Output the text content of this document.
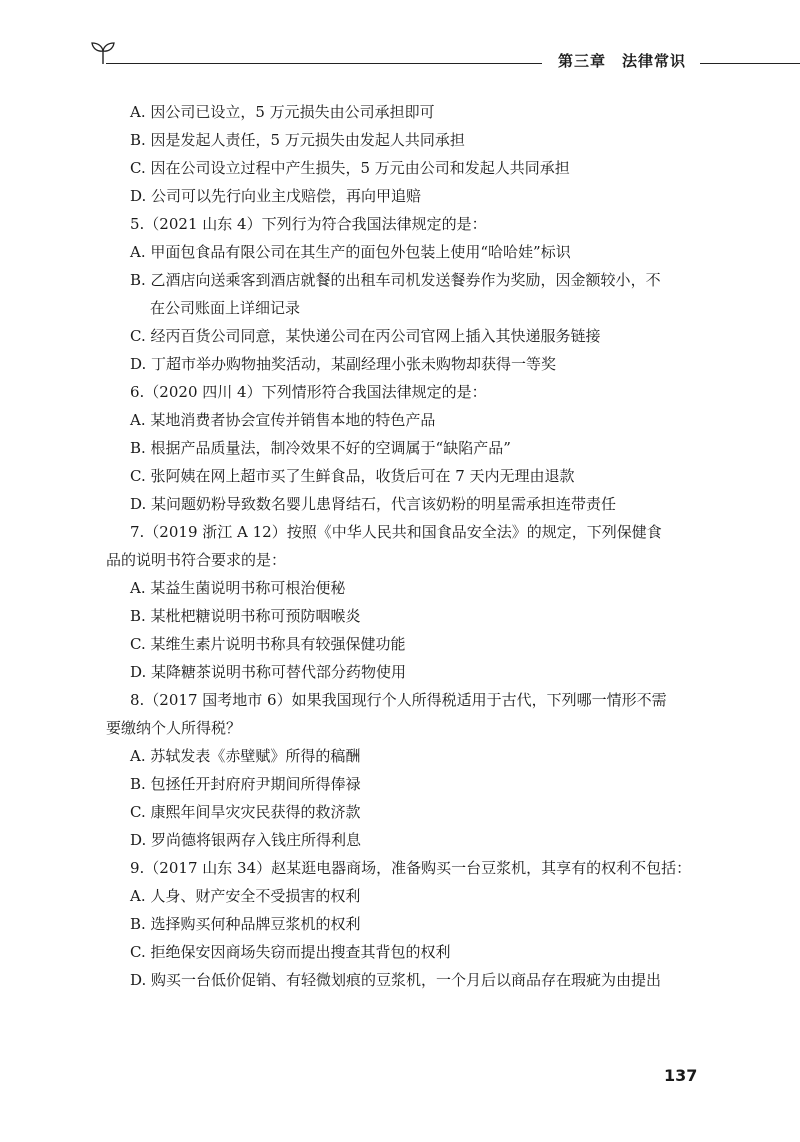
第三章　法律常识
A. 因公司已设立，5 万元损失由公司承担即可
B. 因是发起人责任，5 万元损失由发起人共同承担
C. 因在公司设立过程中产生损失，5 万元由公司和发起人共同承担
D. 公司可以先行向业主戊赔偿，再向甲追赔
5.（2021 山东 4）下列行为符合我国法律规定的是：
A. 甲面包食品有限公司在其生产的面包外包装上使用“哈哈娃”标识
B. 乙酒店向送乘客到酒店就餐的出租车司机发送餐券作为奖励，因金额较小，不
在公司账面上详细记录
C. 经丙百货公司同意，某快递公司在丙公司官网上插入其快递服务链接
D. 丁超市举办购物抽奖活动，某副经理小张未购物却获得一等奖
6.（2020 四川 4）下列情形符合我国法律规定的是：
A. 某地消费者协会宣传并销售本地的特色产品
B. 根据产品质量法，制冷效果不好的空调属于“缺陷产品”
C. 张阿姨在网上超市买了生鲜食品，收货后可在 7 天内无理由退款
D. 某问题奶粉导致数名婴儿患肾结石，代言该奶粉的明星需承担连带责任
7.（2019 浙江 A 12）按照《中华人民共和国食品安全法》的规定，下列保健食
品的说明书符合要求的是：
A. 某益生菌说明书称可根治便秘
B. 某枇杷糖说明书称可预防咽喉炎
C. 某维生素片说明书称具有较强保健功能
D. 某降糖茶说明书称可替代部分药物使用
8.（2017 国考地市 6）如果我国现行个人所得税适用于古代，下列哪一情形不需
要缴纳个人所得税？
A. 苏轼发表《赤壁赋》所得的稿酬
B. 包拯任开封府府尹期间所得俸禄
C. 康熙年间旱灾灾民获得的救济款
D. 罗尚德将银两存入钱庄所得利息
9.（2017 山东 34）赵某逛电器商场，准备购买一台豆浆机，其享有的权利不包括：
A. 人身、财产安全不受损害的权利
B. 选择购买何种品牌豆浆机的权利
C. 拒绝保安因商场失窃而提出搜查其背包的权利
D. 购买一台低价促销、有轻微划痕的豆浆机，一个月后以商品存在瑕疵为由提出
137
